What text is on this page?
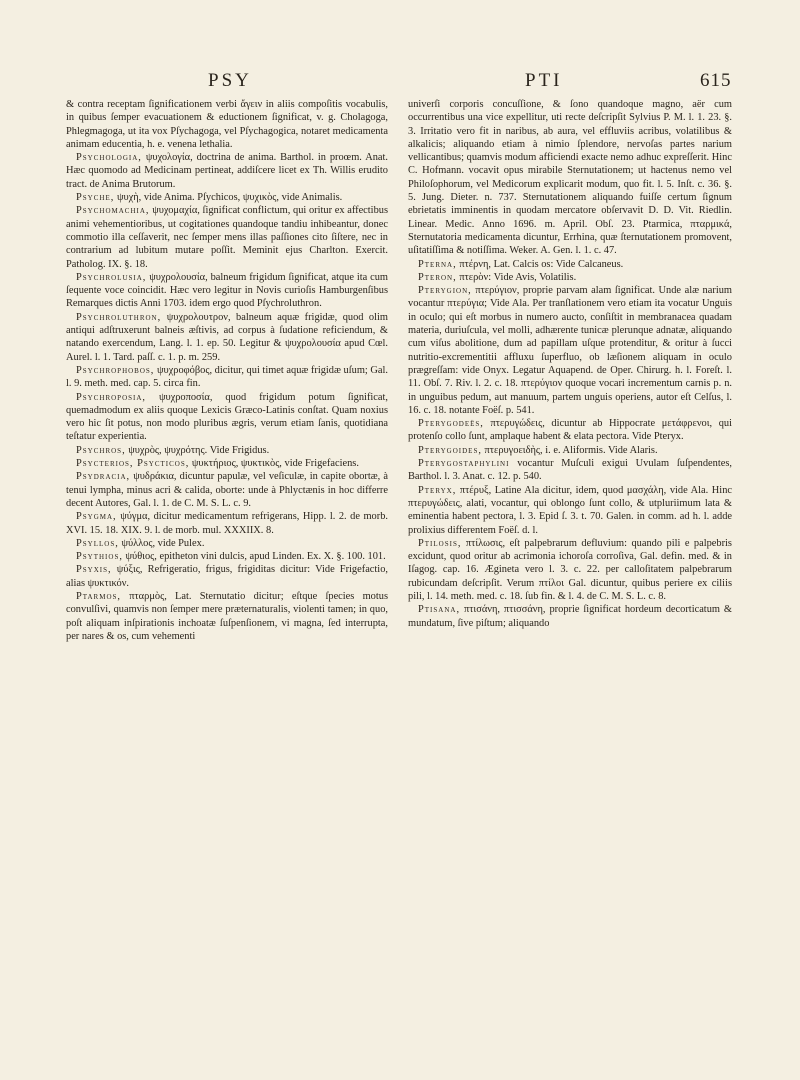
PSY	PTI	615

& contra receptam ſignificationem verbi ἄγειν in aliis compoſitis vocabulis, in quibus ſemper evacuationem & eductionem ſignificat, v. g. Cholagoga, Phlegmagoga, ut ita vox Pſychagoga, vel Pſychagogica, notaret medicamenta animam educentia, h. e. venena lethalia.

Psychologia, ψυχολογία, doctrina de anima. Barthol. in proœm. Anat. Hæc quomodo ad Medicinam pertineat, addiſcere licet ex Th. Willis erudito tract. de Anima Brutorum.

Psyche, ψυχὴ, vide Anima. Pſychicos, ψυχικὸς, vide Animalis.

Psychomachia, ψυχομαχία, ſignificat conflictum, qui oritur ex affectibus animi vehementioribus, ut cogitationes quandoque tandiu inhibeantur, donec commotio illa ceſſaverit, nec ſemper mens illas paſſiones cito ſiſtere, nec in contrarium ad lubitum mutare poſſit. Meminit ejus Charlton. Exercit. Patholog. IX. §. 18.

Psychrolusia, ψυχρολουσία, balneum frigidum ſignificat, atque ita cum ſequente voce coincidit. Hæc vero legitur in Novis curioſis Hamburgenſibus Remarques dictis Anni 1703. idem ergo quod Pſychroluthron.

Psychroluthron, ψυχρολουτρον, balneum aquæ frigidæ, quod olim antiqui adſtruxerunt balneis æſtivis, ad corpus à ſudatione reficiendum, & natando exercendum, Lang. l. 1. ep. 50. Legitur & ψυχρολουσία apud Cœl. Aurel. l. 1. Tard. paſſ. c. 1. p. m. 259.

Psychrophobos, ψυχροφόβος, dicitur, qui timet aquæ frigidæ uſum; Gal. l. 9. meth. med. cap. 5. circa fin.

Psychroposia, ψυχροποσία, quod frigidum potum ſignificat, quemadmodum ex aliis quoque Lexicis Græco-Latinis conſtat. Quam noxius vero hic ſit potus, non modo pluribus ægris, verum etiam ſanis, quotidiana teſtatur experientia.

Psychros, ψυχρὸς, ψυχρότης. Vide Frigidus.

Psycterios, Psycticos, ψυκτήριος, ψυκτικὸς, vide Frigefaciens.

Psydracia, ψυδράκια, dicuntur papulæ, vel veſiculæ, in capite obortæ, à tenui lympha, minus acri & calida, oborte: unde à Phlyctænis in hoc differre decent Autores, Gal. l. 1. de C. M. S. L. c. 9.

Psygma, ψύγμα, dicitur medicamentum refrigerans, Hipp. l. 2. de morb. XVI. 15. 18. XIX. 9. l. de morb. mul. XXXIIX. 8.

Psyllos, ψύλλος, vide Pulex.

Psythios, ψύθιος, epitheton vini dulcis, apud Linden. Ex. X. §. 100. 101.

Psyxis, ψύξις, Refrigeratio, frigus, frigiditas dicitur: Vide Frigefactio, alias ψυκτικόν.

Ptarmos, πταρμὸς, Lat. Sternutatio dicitur; eſtque ſpecies motus convulſivi, quamvis non ſemper mere præternaturalis, violenti tamen; in quo, poſt aliquam inſpirationis inchoatæ ſuſpenſionem, vi magna, ſed interrupta, per nares & os, cum vehementi

univerſi corporis concuſſione, & ſono quandoque magno, aër cum occurrentibus una vice expellitur, uti recte deſcripſit Sylvius P. M. l. 1. 23. §. 3. Irritatio vero fit in naribus, ab aura, vel effluviis acribus, volatilibus & alkalicis; aliquando etiam à nimio ſplendore, nervoſas partes narium vellicantibus; quamvis modum afficiendi exacte nemo adhuc expreſſerit. Hinc C. Hofmann. vocavit opus mirabile Sternutationem; ut hactenus nemo vel Philoſophorum, vel Medicorum explicarit modum, quo fit. l. 5. Inſt. c. 36. §. 5. Jung. Dieter. n. 737. Sternutationem aliquando fuiſſe certum ſignum ebrietatis imminentis in quodam mercatore obſervavit D. D. Vit. Riedlin. Linear. Medic. Anno 1696. m. April. Obſ. 23. Ptarmica, πταρμικά, Sternutatoria medicamenta dicuntur, Errhina, quæ ſternutationem promovent, uſitatiſſima & notiſſima. Weker. A. Gen. l. 1. c. 47.

Pterna, πτέρνη, Lat. Calcis os: Vide Calcaneus.

Pteron, πτερὸν: Vide Avis, Volatilis.

Pterygion, πτερύγιον, proprie parvam alam ſignificat. Unde alæ narium vocantur πτερύγια; Vide Ala. Per tranſlationem vero etiam ita vocatur Unguis in oculo; qui eſt morbus in numero aucto, conſiſtit in membranacea quadam materia, duriuſcula, vel molli, adhærente tunicæ plerunque adnatæ, aliquando cum viſus abolitione, dum ad papillam uſque protenditur, & oritur à ſucci nutritio-excrementitii affluxu ſuperfluo, ob læſionem aliquam in oculo prægreſſam: vide Onyx. Legatur Aquapend. de Oper. Chirurg. h. l. Foreſt. l. 11. Obſ. 7. Riv. l. 2. c. 18. πτερύγιον quoque vocari incrementum carnis p. n. in unguibus pedum, aut manuum, partem unguis operiens, autor eſt Celſus, l. 16. c. 18. notante Foëſ. p. 541.

Pterygodeës, πτερυγώδεις, dicuntur ab Hippocrate μετάφρενοι, qui protenſo collo ſunt, amplaque habent & elata pectora. Vide Pteryx.

Pterygoides, πτερυγοειδὴς, i. e. Aliformis. Vide Alaris.

Pterygostaphylini vocantur Muſculi exigui Uvulam ſuſpendentes, Barthol. l. 3. Anat. c. 12. p. 540.

Pteryx, πτέρυξ, Latine Ala dicitur, idem, quod μασχάλη, vide Ala. Hinc πτερυγώδεις, alati, vocantur, qui oblongo ſunt collo, & utpluriimum lata & eminentia habent pectora, l. 3. Epid ſ. 3. t. 70. Galen. in comm. ad h. l. adde prolixius differentem Foëſ. d. l.

Ptilosis, πτίλωσις, eſt palpebrarum defluvium: quando pili e palpebris excidunt, quod oritur ab acrimonia ichoroſa corroſiva, Gal. defin. med. & in Iſagog. cap. 16. Ægineta vero l. 3. c. 22. per calloſitatem palpebrarum rubicundam deſcripſit. Verum πτίλοι Gal. dicuntur, quibus periere ex ciliis pili, l. 14. meth. med. c. 18. ſub fin. & l. 4. de C. M. S. L. c. 8.

Ptisana, πτισάνη, πτισσάνη, proprie ſignificat hordeum decorticatum & mundatum, ſive piſtum; aliquando
